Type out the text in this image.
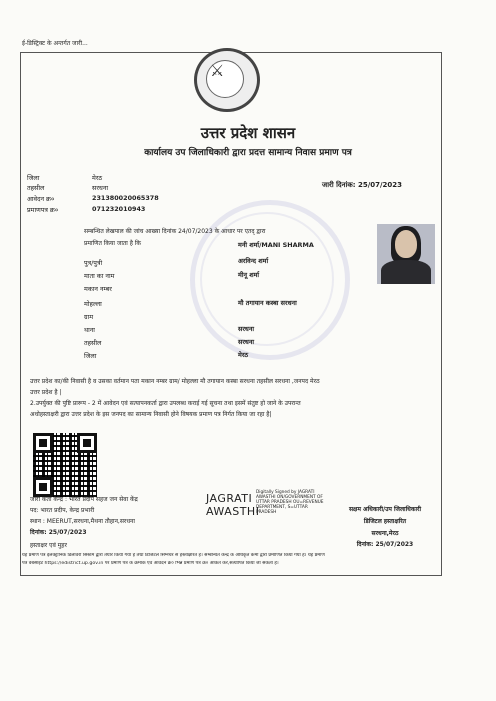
ई-डिस्ट्रिक्ट के अन्तर्गत जारी...
⚔
उत्तर प्रदेश शासन
कार्यालय उप जिलाधिकारी द्वारा प्रदत्त सामान्य निवास प्रमाण पत्र
जिला	मेरठ
तहसील	सरधना
आवेदन क्र०	231380020065378
प्रमाणपत्र क्र०	071232010943
जारी दिनांक: 25/07/2023
सम्बन्धित लेखपाल की जांच आख्या दिनांक 24/07/2023 के आधार पर एतद् द्वारा
प्रमाणित किया जाता है कि	मनी शर्मा/MANI SHARMA
पुत्र/पुत्री	अरविन्द शर्मा
माता का नाम	मीनू शर्मा
मकान नम्बर
मोहल्ला	मौ तगायान कस्बा सरधना
ग्राम
थाना	सरधना
तहसील	सरधना
जिला	मेरठ
उत्तर प्रदेश का/की निवासी है व उसका वर्तमान पता मकान नम्बर ग्राम/ मोहल्ला मौ तगायान कस्बा सरधना तहसील सरधना ,जनपद मेरठ
उत्तर प्रदेश है |
2.उपर्युक्त की पुष्टि प्रारूप - 2 में आवेदन एवं सत्यापनकर्ता द्वारा उपलब्ध कराई गई सूचना तथा इसमें संतुष्ट हो जाने के उपरान्त
अधोहस्ताक्षरी द्वारा उत्तर प्रदेश के इस जनपद का सामान्य निवासी होने विषयक प्रमाण पत्र निर्गत किया जा रहा है|
जारी कर्ता केन्द्र : भारत प्रदीप सहज जन सेवा केंद्र
पद: भारत प्रदीप, केन्द्र प्रभारी
स्थान : MEERUT,सरधना,मैथना तौहान,सरधना
दिनांक: 25/07/2023
हस्ताक्षर एवं मुहर
JAGRATI
AWASTHI
Digitally Signed by JAGRATI AWASTHI ON/GOVERNMENT OF UTTAR PRADESH OU=REVENUE DEPARTMENT, S=UTTAR PRADESH	सक्षम अधिकारी/उप जिलाधिकारी
डिजिटल हस्ताक्षरित
सरधना,मेरठ
दिनांक: 25/07/2023
यह प्रमाण पत्र इलेक्ट्रॉनिक डिलीवरी सिस्टम द्वारा तैयार किया गया है तथा डिजिटल सिग्नेचर से हस्ताक्षरित है। सम्बन्धित केन्द्र के अधिकृत कर्मी द्वारा प्रमाणित किया गया है। यह प्रमाण
पत्र वेबसाइट https://edistrict.up.gov.in पर प्रमाण पत्र के क्रमांक एवं आवेदन क्र० भिन्न प्रमाण पत्र क्र० अंकित कर,सत्यापित किया जा सकता है।
